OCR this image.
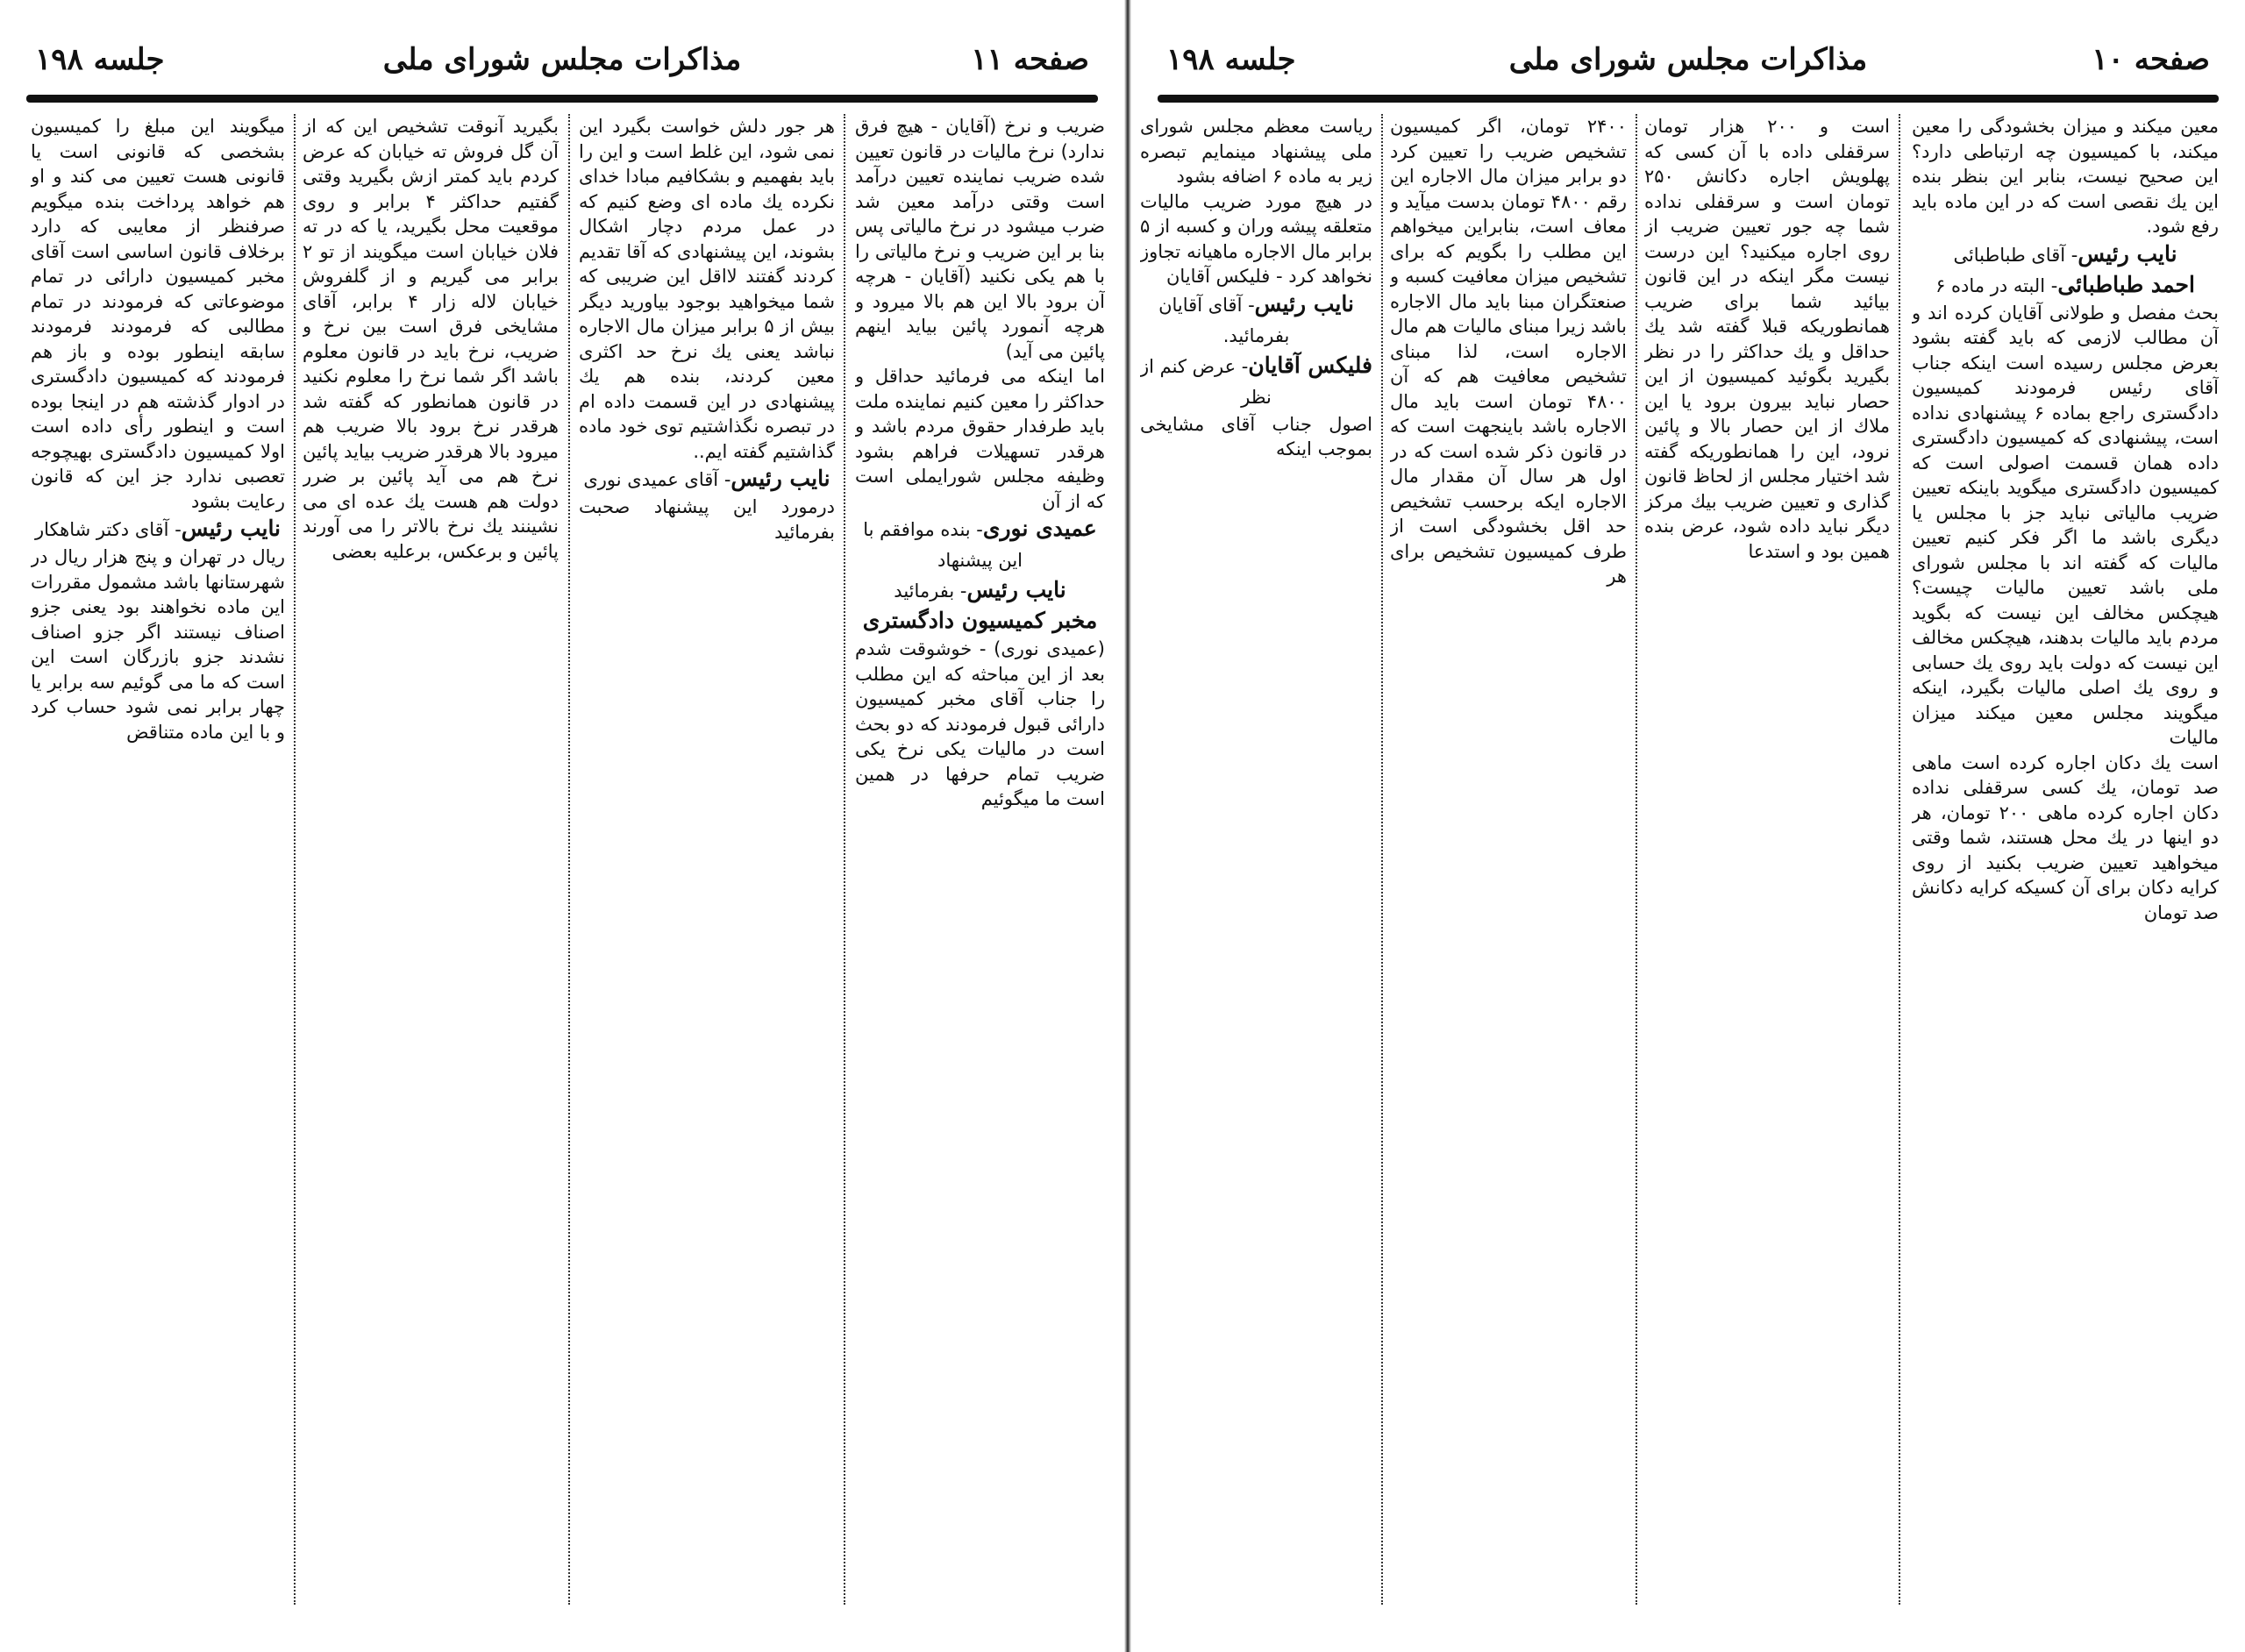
صفحه ۱۰
مذاکرات مجلس شورای ملی
جلسه ۱۹۸

معین میکند و میزان بخشودگی را معین میکند، با کمیسیون چه ارتباطی دارد؟ این صحیح نیست، بنابر این بنظر بنده این یك نقصی است که در این ماده باید رفع شود.

نایب رئیس- آقای طباطبائی

احمد طباطبائی- البته در ماده ۶

بحث مفصل و طولانی آقایان کرده اند و آن مطالب لازمی که باید گفته بشود بعرض مجلس رسیده است اینکه جناب آقای رئیس فرمودند کمیسیون دادگستری راجع بماده ۶ پیشنهادی نداده است، پیشنهادی که کمیسیون دادگستری داده همان قسمت اصولی است که کمیسیون دادگستری میگوید باینکه تعیین ضریب مالیاتی نباید جز با مجلس یا دیگری باشد ما اگر فکر کنیم تعیین مالیات که گفته اند با مجلس شورای ملی باشد تعیین مالیات چیست؟ هیچکس مخالف این نیست که بگوید مردم باید مالیات بدهند، هیچکس مخالف این نیست که دولت باید روی یك حسابی و روی یك اصلی مالیات بگیرد، اینکه میگویند مجلس معین میکند میزان مالیات

است یك دکان اجاره کرده است ماهی صد تومان، یك کسی سرقفلی نداده دکان اجاره کرده ماهی ۲۰۰ تومان، هر دو اینها در یك محل هستند، شما وقتی میخواهید تعیین ضریب بکنید از روی کرایه دکان برای آن کسیکه کرایه دکانش صد تومان

است و ۲۰۰ هزار تومان سرقفلی داده با آن کسی که پهلویش اجاره دکانش ۲۵۰ تومان است و سرقفلی نداده شما چه جور تعیین ضریب از روی اجاره میکنید؟ این درست نیست مگر اینکه در این قانون بیائید شما برای ضریب همانطوریکه قبلا گفته شد یك حداقل و یك حداکثر را در نظر بگیرید بگوئید کمیسیون از این حصار نباید بیرون برود یا این ملاك از این حصار بالا و پائین نرود، این را همانطوریکه گفته شد اختیار مجلس از لحاظ قانون گذاری و تعیین ضریب بیك مرکز دیگر نباید داده شود، عرض بنده همین بود و استدعا

۲۴۰۰ تومان، اگر کمیسیون تشخیص ضریب را تعیین کرد دو برابر میزان مال الاجاره این رقم ۴۸۰۰ تومان بدست میآید و معاف است، بنابراین میخواهم این مطلب را بگویم که برای تشخیص میزان معافیت کسبه و صنعتگران مبنا باید مال الاجاره باشد زیرا مبنای مالیات هم مال الاجاره است، لذا مبنای تشخیص معافیت هم که آن ۴۸۰۰ تومان است باید مال الاجاره باشد باینجهت است که در قانون ذکر شده است که در اول هر سال آن مقدار مال الاجاره ایکه برحسب تشخیص حد اقل بخشودگی است از طرف کمیسیون تشخیص برای هر

ریاست معظم مجلس شورای ملی پیشنهاد مینمایم تبصره زیر به ماده ۶ اضافه بشود

در هیچ مورد ضریب مالیات متعلقه پیشه وران و کسبه از ۵ برابر مال الاجاره ماهیانه تجاوز نخواهد کرد - فلیکس آقایان

نایب رئیس- آقای آقایان بفرمائید.

فلیکس آقایان- عرض کنم از نظر

اصول جناب آقای مشایخی بموجب اینکه

صفحه ۱۱
مذاکرات مجلس شورای ملی
جلسه ۱۹۸

ضریب و نرخ (آقایان - هیچ فرق ندارد) نرخ مالیات در قانون تعیین شده ضریب نماینده تعیین درآمد است وقتی درآمد معین شد ضرب میشود در نرخ مالیاتی پس بنا بر این ضریب و نرخ مالیاتی را با هم یکی نکنید (آقایان - هرچه آن برود بالا این هم بالا میرود و هرچه آنمورد پائین بیاید اینهم پائین می آید)

اما اینکه می فرمائید حداقل و حداکثر را معین کنیم نماینده ملت باید طرفدار حقوق مردم باشد و هرقدر تسهیلات فراهم بشود وظیفه مجلس شورایملی است که از آن

عمیدی نوری- بنده موافقم با این پیشنهاد

نایب رئیس- بفرمائید

مخبر کمیسیون دادگستری

(عمیدی نوری) - خوشوقت شدم بعد از این مباحثه که این مطلب را جناب آقای مخبر کمیسیون دارائی قبول فرمودند که دو بحث است در مالیات یکی نرخ یکی ضریب تمام حرفها در همین است ما میگوئیم

هر جور دلش خواست بگیرد این نمی شود، این غلط است و این را باید بفهمیم و بشکافیم مبادا خدای نکرده یك ماده ای وضع کنیم که در عمل مردم دچار اشکال بشوند، این پیشنهادی که آقا تقدیم کردند گفتند لااقل این ضریبی که شما میخواهید بوجود بیاورید دیگر بیش از ۵ برابر میزان مال الاجاره نباشد یعنی یك نرخ حد اکثری معین کردند، بنده هم یك پیشنهادی در این قسمت داده ام در تبصره نگذاشتیم توی خود ماده گذاشتیم گفته ایم..

نایب رئیس- آقای عمیدی نوری

درمورد این پیشنهاد صحبت بفرمائید

بگیرید آنوقت تشخیص این که از آن گل فروش ته خیابان که عرض کردم باید کمتر ازش بگیرید وقتی گفتیم حداکثر ۴ برابر و روی موقعیت محل بگیرید، یا که در ته فلان خیابان است میگویند از تو ۲ برابر می گیریم و از گلفروش خیابان لاله زار ۴ برابر، آقای مشایخی فرق است بین نرخ و ضریب، نرخ باید در قانون معلوم باشد اگر شما نرخ را معلوم نکنید در قانون همانطور که گفته شد هرقدر نرخ برود بالا ضریب هم میرود بالا هرقدر ضریب بیاید پائین نرخ هم می آید پائین بر ضرر دولت هم هست یك عده ای می نشینند یك نرخ بالاتر را می آورند پائین و برعکس، برعلیه بعضی

میگویند این مبلغ را کمیسیون بشخصی که قانونی است یا قانونی هست تعیین می کند و او هم خواهد پرداخت بنده میگویم صرفنظر از معایبی که دارد برخلاف قانون اساسی است آقای مخبر کمیسیون دارائی در تمام موضوعاتی که فرمودند در تمام مطالبی که فرمودند فرمودند سابقه اینطور بوده و باز هم فرمودند که کمیسیون دادگستری در ادوار گذشته هم در اینجا بوده است و اینطور رأی داده است اولا کمیسیون دادگستری بهیچوجه تعصبی ندارد جز این که قانون رعایت بشود

نایب رئیس- آقای دکتر شاهکار

ریال در تهران و پنج هزار ریال در شهرستانها باشد مشمول مقررات این ماده نخواهند بود یعنی جزو اصناف نیستند اگر جزو اصناف نشدند جزو بازرگان است این است که ما می گوئیم سه برابر یا چهار برابر نمی شود حساب کرد و با این ماده متناقض
